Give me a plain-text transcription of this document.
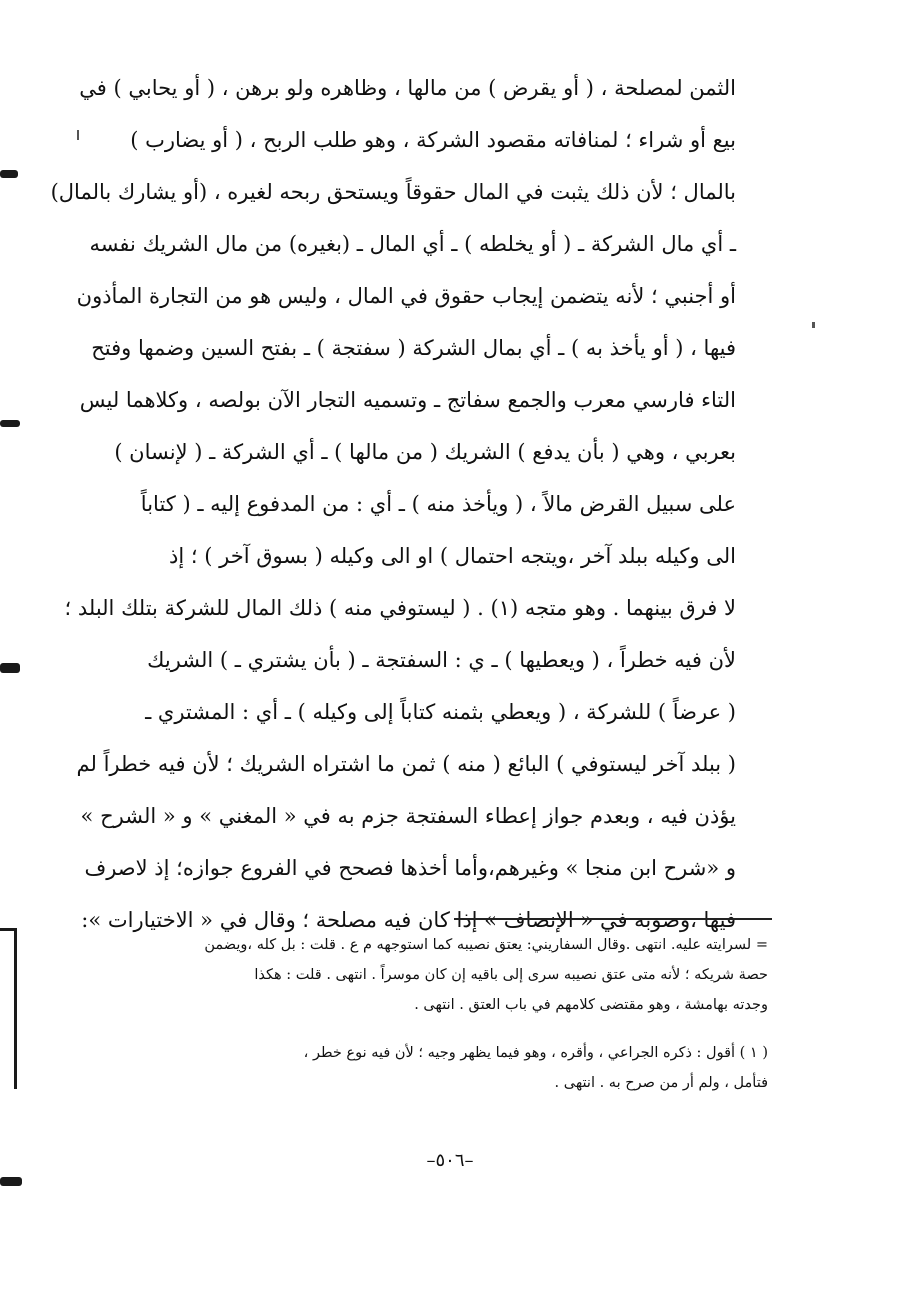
الثمن لمصلحة ، ( أو يقرض ) من مالها ، وظاهره ولو برهن ، ( أو يحابي ) في
بيع أو شراء ؛ لمنافاته مقصود الشركة ، وهو طلب الربح ، ( أو يضارب )
بالمال ؛ لأن ذلك يثبت في المال حقوقاً ويستحق ربحه لغيره ، (أو يشارك بالمال)
ـ أي مال الشركة ـ ( أو يخلطه ) ـ أي المال ـ (بغيره) من مال الشريك نفسه
أو أجنبي ؛ لأنه يتضمن إيجاب حقوق في المال ، وليس هو من التجارة المأذون
فيها ، ( أو يأخذ به ) ـ أي بمال الشركة ( سفتجة ) ـ بفتح السين وضمها وفتح
التاء فارسي معرب والجمع سفاتج ـ وتسميه التجار الآن بولصه ، وكلاهما ليس
بعربي ، وهي ( بأن يدفع ) الشريك ( من مالها ) ـ أي الشركة ـ ( لإنسان )
على سبيل القرض مالاً ، ( ويأخذ منه ) ـ أي : من المدفوع إليه ـ ( كتاباً
الى وكيله ببلد آخر ،ويتجه احتمال ) او الى وكيله ( بسوق آخر ) ؛ إذ
لا فرق بينهما . وهو متجه (١) . ( ليستوفي منه ) ذلك المال للشركة بتلك البلد ؛
لأن فيه خطراً ، ( ويعطيها ) ـ ي : السفتجة ـ ( بأن يشتري ـ ) الشريك
( عرضاً ) للشركة ، ( ويعطي بثمنه كتاباً إلى وكيله ) ـ أي : المشتري ـ
( ببلد آخر ليستوفي ) البائع ( منه ) ثمن ما اشتراه الشريك ؛ لأن فيه خطراً لم
يؤذن فيه ، وبعدم جواز إعطاء السفتجة جزم به في « المغني » و « الشرح »
و «شرح ابن منجا » وغيرهم،وأما أخذها فصحح في الفروع جوازه؛ إذ لاصرف
فيها ،وصوبه في « الإنصاف » إذا كان فيه مصلحة ؛ وقال في « الاختيارات »:
= لسرايته عليه. انتهى .وقال السفاريني: يعتق نصيبه كما استوجهه م ع . قلت : بل كله ،ويضمن
حصة شريكه ؛ لأنه متى عتق نصيبه سرى إلى باقيه إن كان موسراً . انتهى . قلت : هكذا
وجدته بهامشة ، وهو مقتضى كلامهم في باب العتق . انتهى .
( ١ ) أقول : ذكره الجراعي ، وأقره ، وهو فيما يظهر وجيه ؛ لأن فيه نوع خطر ،
فتأمل ، ولم أر من صرح به . انتهى .
–٥٠٦–
